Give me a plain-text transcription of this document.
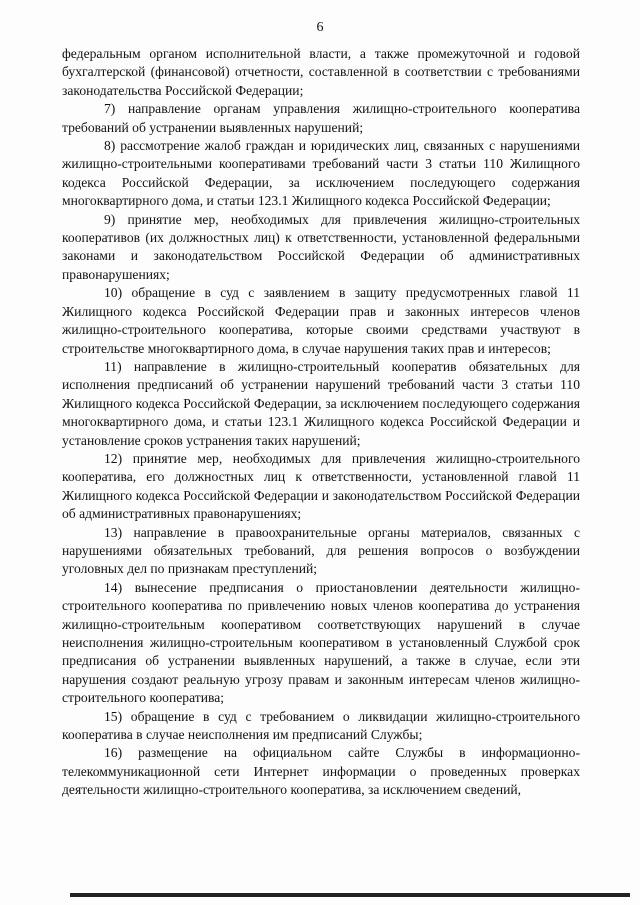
6

федеральным органом исполнительной власти, а также промежуточной и годовой бухгалтерской (финансовой) отчетности, составленной в соответствии с требованиями законодательства Российской Федерации;

7) направление органам управления жилищно-строительного кооператива требований об устранении выявленных нарушений;

8) рассмотрение жалоб граждан и юридических лиц, связанных с нарушениями жилищно-строительными кооперативами требований части 3 статьи 110 Жилищного кодекса Российской Федерации, за исключением последующего содержания многоквартирного дома, и статьи 123.1 Жилищного кодекса Российской Федерации;

9) принятие мер, необходимых для привлечения жилищно-строительных кооперативов (их должностных лиц) к ответственности, установленной федеральными законами и законодательством Российской Федерации об административных правонарушениях;

10) обращение в суд с заявлением в защиту предусмотренных главой 11 Жилищного кодекса Российской Федерации прав и законных интересов членов жилищно-строительного кооператива, которые своими средствами участвуют в строительстве многоквартирного дома, в случае нарушения таких прав и интересов;

11) направление в жилищно-строительный кооператив обязательных для исполнения предписаний об устранении нарушений требований части 3 статьи 110 Жилищного кодекса Российской Федерации, за исключением последующего содержания многоквартирного дома, и статьи 123.1 Жилищного кодекса Российской Федерации и установление сроков устранения таких нарушений;

12) принятие мер, необходимых для привлечения жилищно-строительного кооператива, его должностных лиц к ответственности, установленной главой 11 Жилищного кодекса Российской Федерации и законодательством Российской Федерации об административных правонарушениях;

13) направление в правоохранительные органы материалов, связанных с нарушениями обязательных требований, для решения вопросов о возбуждении уголовных дел по признакам преступлений;

14) вынесение предписания о приостановлении деятельности жилищно-строительного кооператива по привлечению новых членов кооператива до устранения жилищно-строительным кооперативом соответствующих нарушений в случае неисполнения жилищно-строительным кооперативом в установленный Службой срок предписания об устранении выявленных нарушений, а также в случае, если эти нарушения создают реальную угрозу правам и законным интересам членов жилищно-строительного кооператива;

15) обращение в суд с требованием о ликвидации жилищно-строительного кооператива в случае неисполнения им предписаний Службы;

16) размещение на официальном сайте Службы в информационно-телекоммуникационной сети Интернет информации о проведенных проверках деятельности жилищно-строительного кооператива, за исключением сведений,
